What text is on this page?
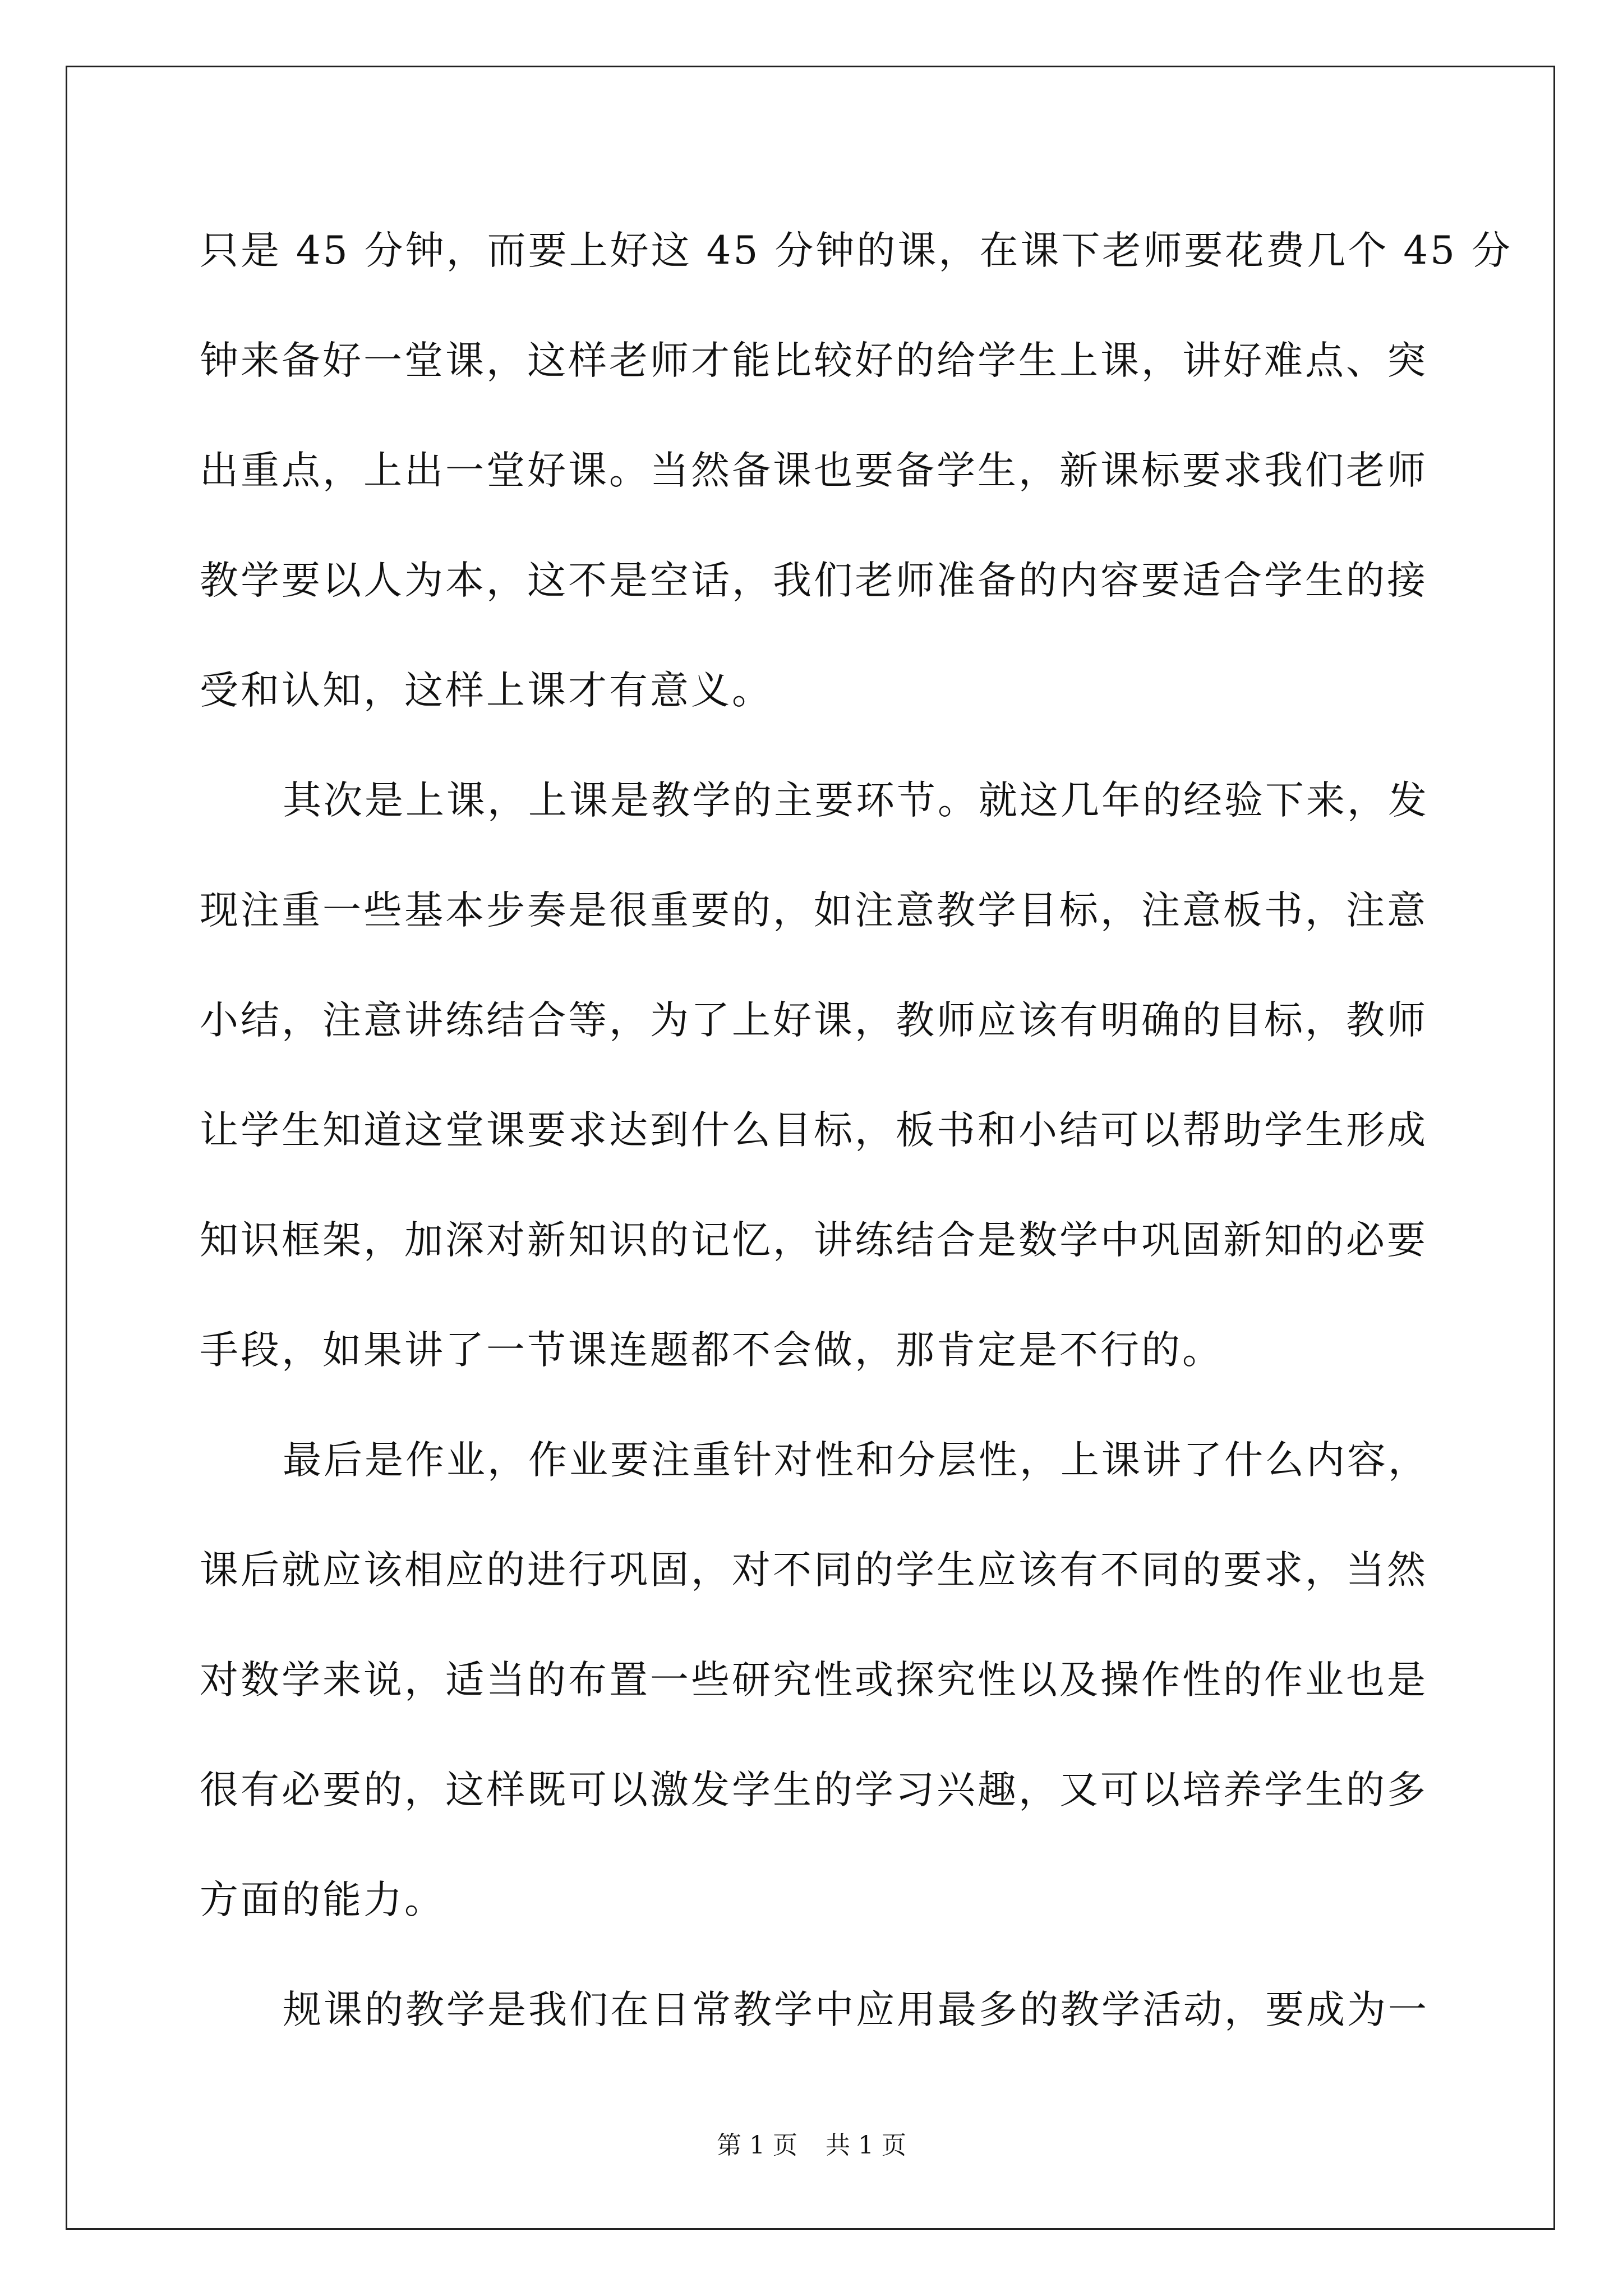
只是 45 分钟，而要上好这 45 分钟的课，在课下老师要花费几个 45 分
钟来备好一堂课，这样老师才能比较好的给学生上课，讲好难点、突
出重点，上出一堂好课。当然备课也要备学生，新课标要求我们老师
教学要以人为本，这不是空话，我们老师准备的内容要适合学生的接
受和认知，这样上课才有意义。
其次是上课，上课是教学的主要环节。就这几年的经验下来，发
现注重一些基本步奏是很重要的，如注意教学目标，注意板书，注意
小结，注意讲练结合等，为了上好课，教师应该有明确的目标，教师
让学生知道这堂课要求达到什么目标，板书和小结可以帮助学生形成
知识框架，加深对新知识的记忆，讲练结合是数学中巩固新知的必要
手段，如果讲了一节课连题都不会做，那肯定是不行的。
最后是作业，作业要注重针对性和分层性，上课讲了什么内容，
课后就应该相应的进行巩固，对不同的学生应该有不同的要求，当然
对数学来说，适当的布置一些研究性或探究性以及操作性的作业也是
很有必要的，这样既可以激发学生的学习兴趣，又可以培养学生的多
方面的能力。
规课的教学是我们在日常教学中应用最多的教学活动，要成为一
第 1 页 共 1 页
